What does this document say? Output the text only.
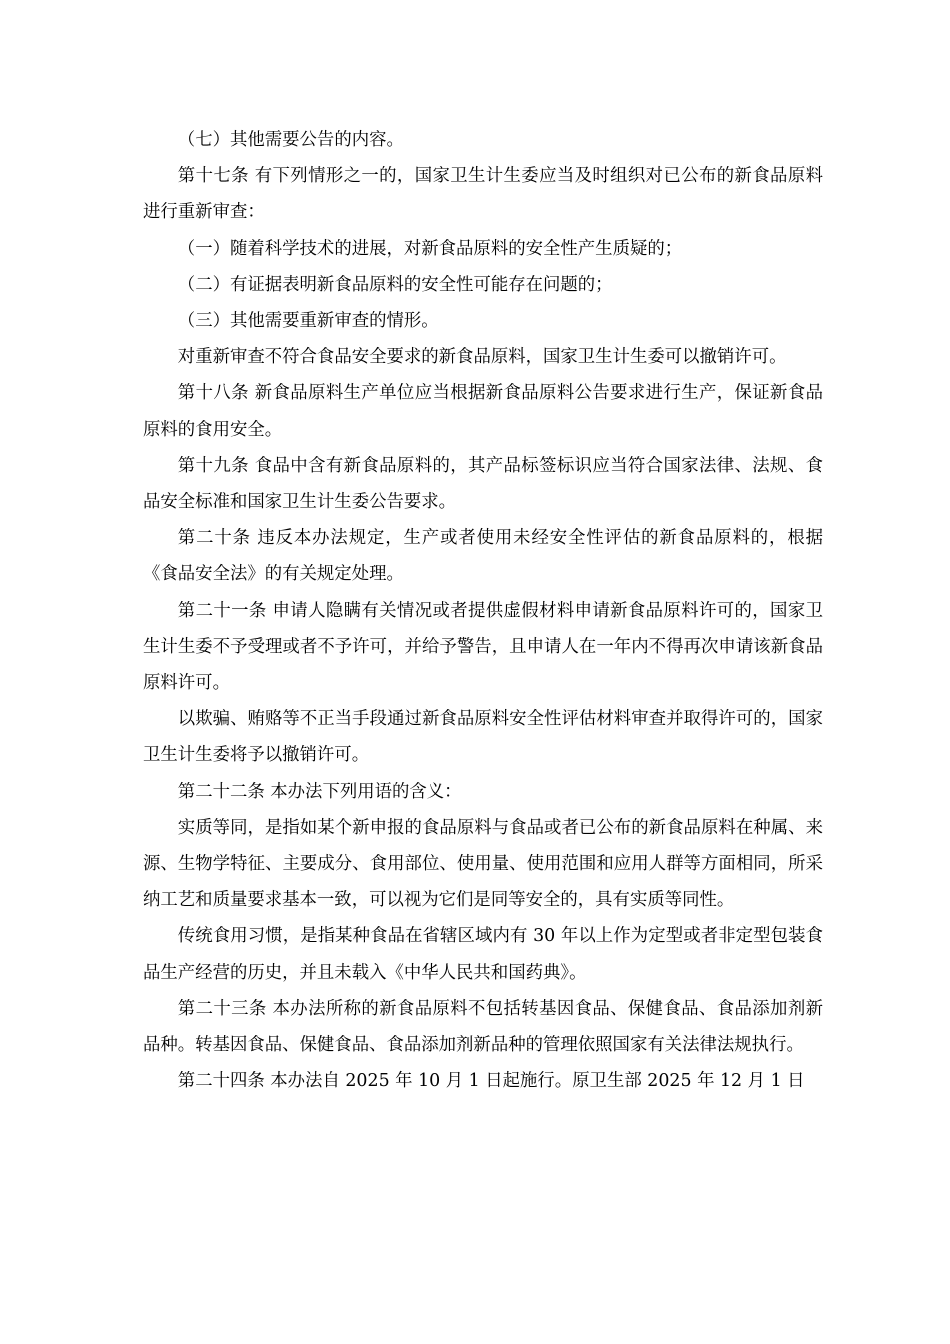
（七）其他需要公告的内容。

第十七条 有下列情形之一的，国家卫生计生委应当及时组织对已公布的新食品原料进行重新审查：

（一）随着科学技术的进展，对新食品原料的安全性产生质疑的；

（二）有证据表明新食品原料的安全性可能存在问题的；

（三）其他需要重新审查的情形。

对重新审查不符合食品安全要求的新食品原料，国家卫生计生委可以撤销许可。

第十八条 新食品原料生产单位应当根据新食品原料公告要求进行生产，保证新食品原料的食用安全。

第十九条 食品中含有新食品原料的，其产品标签标识应当符合国家法律、法规、食品安全标准和国家卫生计生委公告要求。

第二十条 违反本办法规定，生产或者使用未经安全性评估的新食品原料的，根据《食品安全法》的有关规定处理。

第二十一条 申请人隐瞒有关情况或者提供虚假材料申请新食品原料许可的，国家卫生计生委不予受理或者不予许可，并给予警告，且申请人在一年内不得再次申请该新食品原料许可。

以欺骗、贿赂等不正当手段通过新食品原料安全性评估材料审查并取得许可的，国家卫生计生委将予以撤销许可。

第二十二条 本办法下列用语的含义：

实质等同，是指如某个新申报的食品原料与食品或者已公布的新食品原料在种属、来源、生物学特征、主要成分、食用部位、使用量、使用范围和应用人群等方面相同，所采纳工艺和质量要求基本一致，可以视为它们是同等安全的，具有实质等同性。

传统食用习惯，是指某种食品在省辖区域内有 30 年以上作为定型或者非定型包装食品生产经营的历史，并且未载入《中华人民共和国药典》。

第二十三条 本办法所称的新食品原料不包括转基因食品、保健食品、食品添加剂新品种。转基因食品、保健食品、食品添加剂新品种的管理依照国家有关法律法规执行。

第二十四条 本办法自 2025 年 10 月 1 日起施行。原卫生部 2025 年 12 月 1 日
